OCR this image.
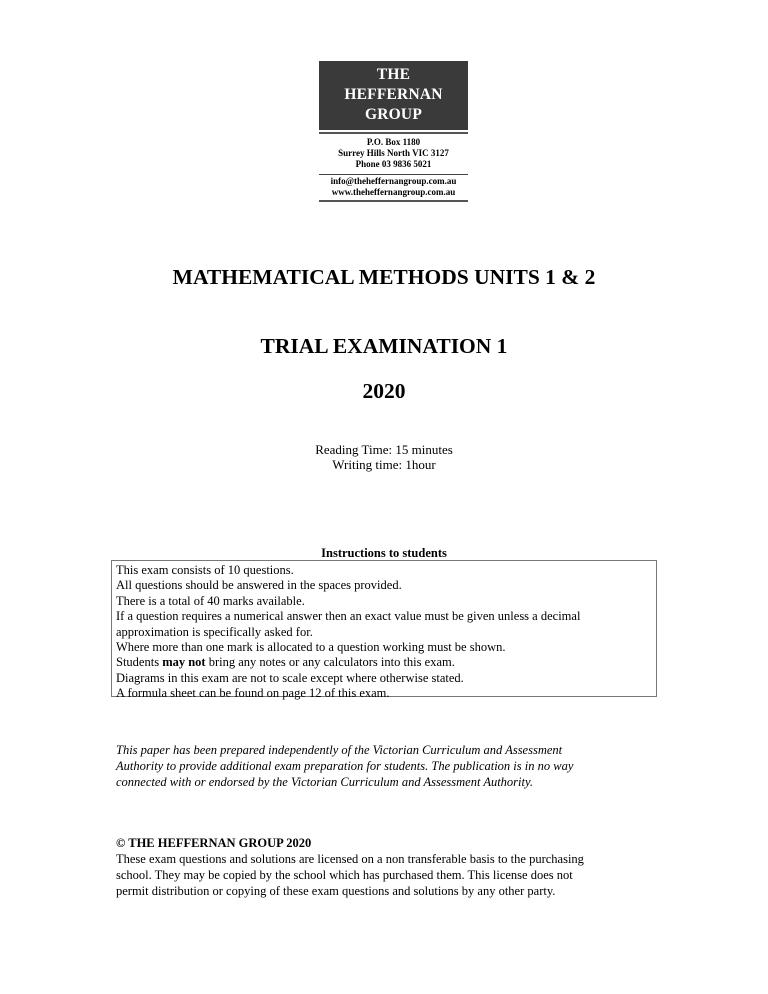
THE
HEFFERNAN
GROUP
P.O. Box 1180
Surrey Hills North VIC 3127
Phone 03 9836 5021
info@theheffernangroup.com.au
www.theheffernangroup.com.au
MATHEMATICAL METHODS UNITS 1 & 2
TRIAL EXAMINATION 1
2020
Reading Time: 15 minutes
Writing time: 1hour
Instructions to students
This exam consists of 10 questions.
All questions should be answered in the spaces provided.
There is a total of 40 marks available.
If a question requires a numerical answer then an exact value must be given unless a decimal
approximation is specifically asked for.
Where more than one mark is allocated to a question working must be shown.
Students may not bring any notes or any calculators into this exam.
Diagrams in this exam are not to scale except where otherwise stated.
A formula sheet can be found on page 12 of this exam.
This paper has been prepared independently of the Victorian Curriculum and Assessment
Authority to provide additional exam preparation for students. The publication is in no way
connected with or endorsed by the Victorian Curriculum and Assessment Authority.
© THE HEFFERNAN GROUP 2020
These exam questions and solutions are licensed on a non transferable basis to the purchasing
school. They may be copied by the school which has purchased them. This license does not
permit distribution or copying of these exam questions and solutions by any other party.
